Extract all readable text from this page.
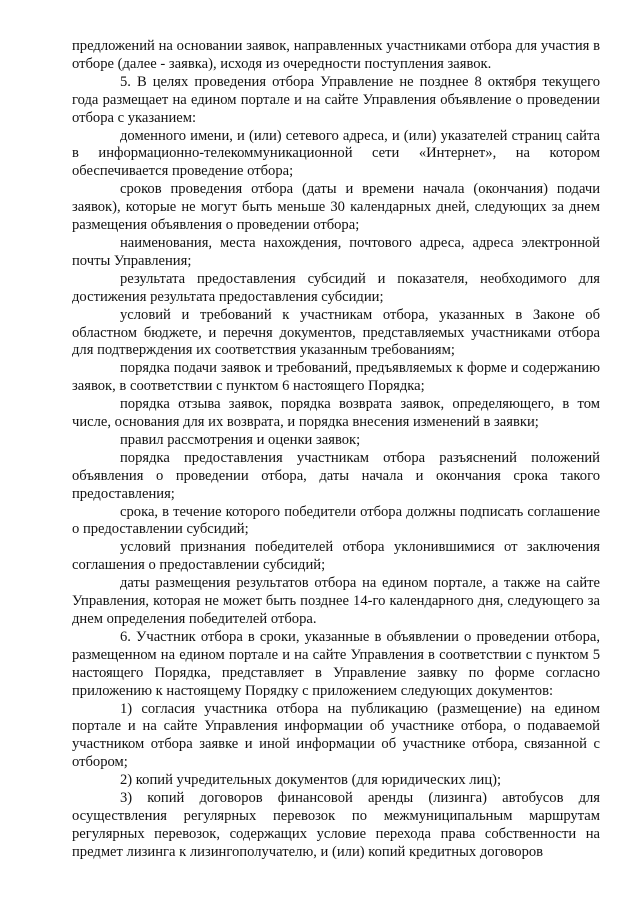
предложений на основании заявок, направленных участниками отбора для участия в отборе (далее - заявка), исходя из очередности поступления заявок.

5. В целях проведения отбора Управление не позднее 8 октября текущего года размещает на едином портале и на сайте Управления объявление о проведении отбора с указанием:

доменного имени, и (или) сетевого адреса, и (или) указателей страниц сайта в информационно-телекоммуникационной сети «Интернет», на котором обеспечивается проведение отбора;

сроков проведения отбора (даты и времени начала (окончания) подачи заявок), которые не могут быть меньше 30 календарных дней, следующих за днем размещения объявления о проведении отбора;

наименования, места нахождения, почтового адреса, адреса электронной почты Управления;

результата предоставления субсидий и показателя, необходимого для достижения результата предоставления субсидии;

условий и требований к участникам отбора, указанных в Законе об областном бюджете, и перечня документов, представляемых участниками отбора для подтверждения их соответствия указанным требованиям;

порядка подачи заявок и требований, предъявляемых к форме и содержанию заявок, в соответствии с пунктом 6 настоящего Порядка;

порядка отзыва заявок, порядка возврата заявок, определяющего, в том числе, основания для их возврата, и порядка внесения изменений в заявки;

правил рассмотрения и оценки заявок;

порядка предоставления участникам отбора разъяснений положений объявления о проведении отбора, даты начала и окончания срока такого предоставления;

срока, в течение которого победители отбора должны подписать соглашение о предоставлении субсидий;

условий признания победителей отбора уклонившимися от заключения соглашения о предоставлении субсидий;

даты размещения результатов отбора на едином портале, а также на сайте Управления, которая не может быть позднее 14-го календарного дня, следующего за днем определения победителей отбора.

6. Участник отбора в сроки, указанные в объявлении о проведении отбора, размещенном на едином портале и на сайте Управления в соответствии с пунктом 5 настоящего Порядка, представляет в Управление заявку по форме согласно приложению к настоящему Порядку с приложением следующих документов:

1) согласия участника отбора на публикацию (размещение) на едином портале и на сайте Управления информации об участнике отбора, о подаваемой участником отбора заявке и иной информации об участнике отбора, связанной с отбором;

2) копий учредительных документов (для юридических лиц);

3) копий договоров финансовой аренды (лизинга) автобусов для осуществления регулярных перевозок по межмуниципальным маршрутам регулярных перевозок, содержащих условие перехода права собственности на предмет лизинга к лизингополучателю, и (или) копий кредитных договоров
